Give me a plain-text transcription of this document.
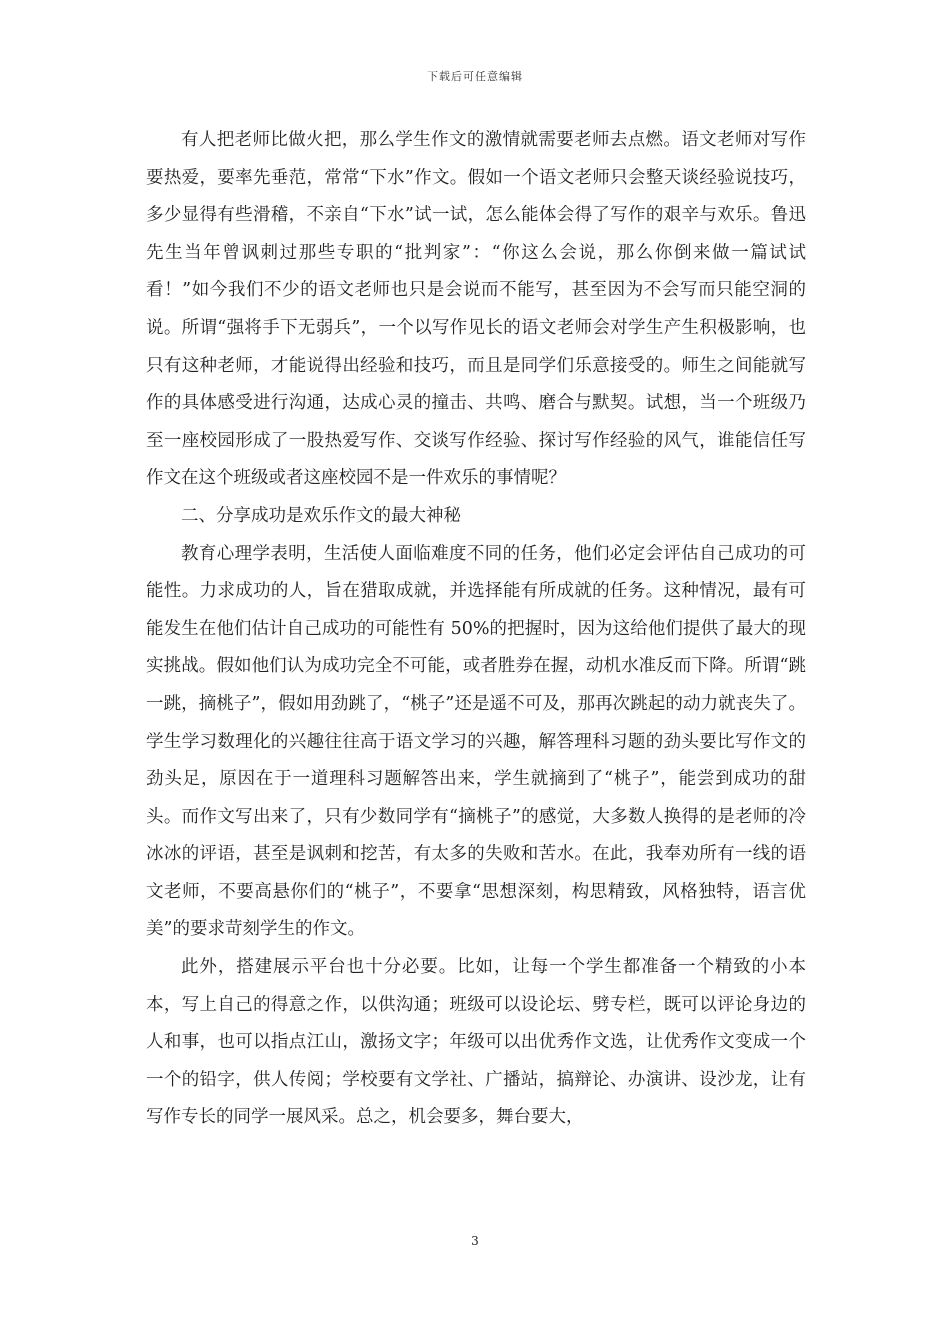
下载后可任意编辑

有人把老师比做火把，那么学生作文的激情就需要老师去点燃。语文老师对写作要热爱，要率先垂范，常常“下水”作文。假如一个语文老师只会整天谈经验说技巧，多少显得有些滑稽，不亲自“下水”试一试，怎么能体会得了写作的艰辛与欢乐。鲁迅先生当年曾讽刺过那些专职的“批判家”：“你这么会说，那么你倒来做一篇试试看！”如今我们不少的语文老师也只是会说而不能写，甚至因为不会写而只能空洞的说。所谓“强将手下无弱兵”，一个以写作见长的语文老师会对学生产生积极影响，也只有这种老师，才能说得出经验和技巧，而且是同学们乐意接受的。师生之间能就写作的具体感受进行沟通，达成心灵的撞击、共鸣、磨合与默契。试想，当一个班级乃至一座校园形成了一股热爱写作、交谈写作经验、探讨写作经验的风气，谁能信任写作文在这个班级或者这座校园不是一件欢乐的事情呢？

二、分享成功是欢乐作文的最大神秘

教育心理学表明，生活使人面临难度不同的任务，他们必定会评估自己成功的可能性。力求成功的人，旨在猎取成就，并选择能有所成就的任务。这种情况，最有可能发生在他们估计自己成功的可能性有 50%的把握时，因为这给他们提供了最大的现实挑战。假如他们认为成功完全不可能，或者胜券在握，动机水准反而下降。所谓“跳一跳，摘桃子”，假如用劲跳了，“桃子”还是遥不可及，那再次跳起的动力就丧失了。学生学习数理化的兴趣往往高于语文学习的兴趣，解答理科习题的劲头要比写作文的劲头足，原因在于一道理科习题解答出来，学生就摘到了“桃子”，能尝到成功的甜头。而作文写出来了，只有少数同学有“摘桃子”的感觉，大多数人换得的是老师的冷冰冰的评语，甚至是讽刺和挖苦，有太多的失败和苦水。在此，我奉劝所有一线的语文老师，不要高悬你们的“桃子”，不要拿“思想深刻，构思精致，风格独特，语言优美”的要求苛刻学生的作文。

此外，搭建展示平台也十分必要。比如，让每一个学生都准备一个精致的小本本，写上自己的得意之作，以供沟通；班级可以设论坛、劈专栏，既可以评论身边的人和事，也可以指点江山，激扬文字；年级可以出优秀作文选，让优秀作文变成一个一个的铅字，供人传阅；学校要有文学社、广播站，搞辩论、办演讲、设沙龙，让有写作专长的同学一展风采。总之，机会要多，舞台要大，

3
